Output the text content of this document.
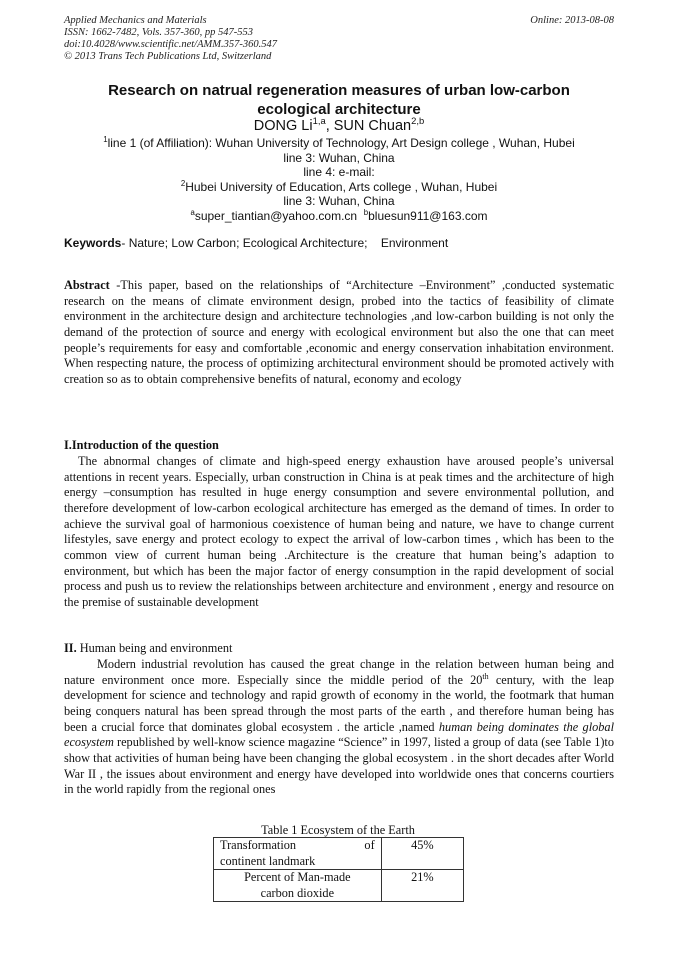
Applied Mechanics and Materials
ISSN: 1662-7482, Vols. 357-360, pp 547-553
doi:10.4028/www.scientific.net/AMM.357-360.547
© 2013 Trans Tech Publications Ltd, Switzerland
Online: 2013-08-08
Research on natrual regeneration measures of urban low-carbon
ecological architecture
DONG Li$^{1,a}$, SUN Chuan$^{2,b}$
$^1$line 1 (of Affiliation): Wuhan University of Technology, Art Design college , Wuhan, Hubei
line 3: Wuhan, China
line 4: e-mail:
$^2$Hubei University of Education, Arts college , Wuhan, Hubei
line 3: Wuhan, China
$^a$super_tiantian@yahoo.com.cn $^b$bluesun911@163.com
Keywords- Nature; Low Carbon; Ecological Architecture;    Environment
Abstract -This paper, based on the relationships of “Architecture –Environment” ,conducted systematic research on the means of climate environment design, probed into the tactics of feasibility of climate environment in the architecture design and architecture technologies ,and low-carbon building is not only the demand of the protection of source and energy with ecological environment but also the one that can meet people’s requirements for easy and comfortable ,economic and energy conservation inhabitation environment. When respecting nature, the process of optimizing architectural environment should be promoted actively with creation so as to obtain comprehensive benefits of natural, economy and ecology
I.Introduction of the question
The abnormal changes of climate and high-speed energy exhaustion have aroused people’s universal attentions in recent years. Especially, urban construction in China is at peak times and the architecture of high energy –consumption has resulted in huge energy consumption and severe environmental pollution, and therefore development of low-carbon ecological architecture has emerged as the demand of times. In order to achieve the survival goal of harmonious coexistence of human being and nature, we have to change current lifestyles, save energy and protect ecology to expect the arrival of low-carbon times , which has been to the common view of current human being .Architecture is the creature that human being’s adaption to environment, but which has been the major factor of energy consumption in the rapid development of social process and push us to review the relationships between architecture and environment , energy and resource on the premise of sustainable development
II. Human being and environment
Modern industrial revolution has caused the great change in the relation between human being and nature environment once more. Especially since the middle period of the 20th century, with the leap development for science and technology and rapid growth of economy in the world, the footmark that human being conquers natural has been spread through the most parts of the earth , and therefore human being has been a crucial force that dominates global ecosystem . the article ,named human being dominates the global ecosystem republished by well-know science magazine “Science” in 1997, listed a group of data (see Table 1)to show that activities of human being have been changing the global ecosystem . in the short decades after World War II , the issues about environment and energy have developed into worldwide ones that concerns courtiers in the world rapidly from the regional ones
Table 1 Ecosystem of the Earth
Transformation of
continent landmark	45%

Percent of Man-made
carbon dioxide	21%
